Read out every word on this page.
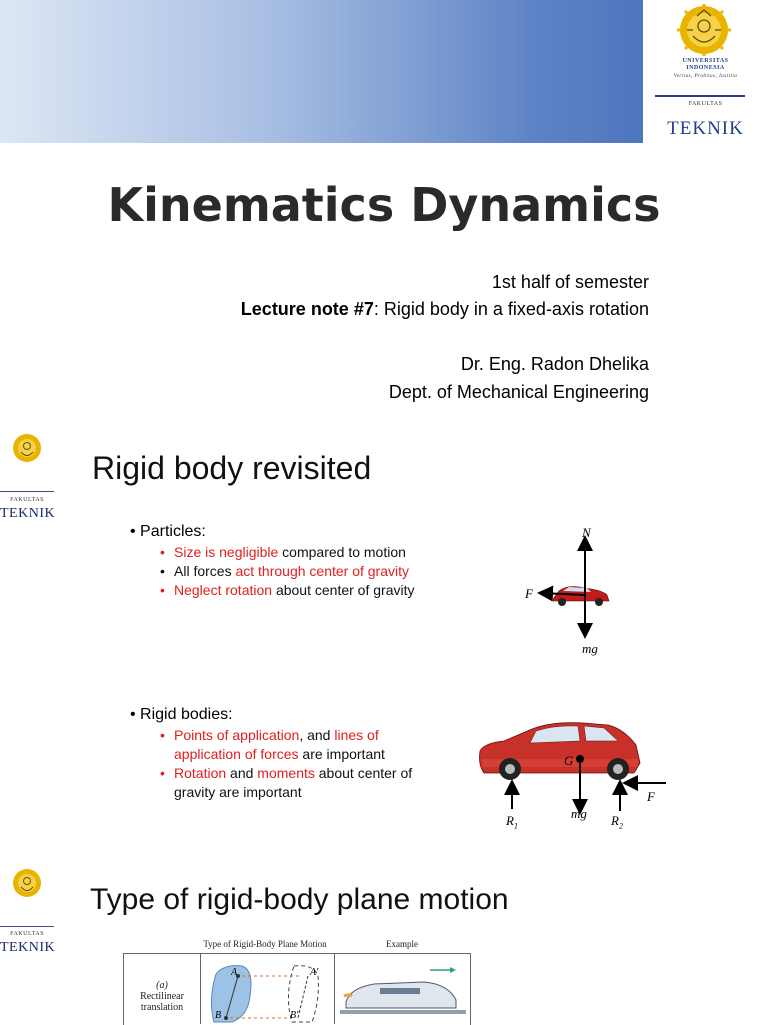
UNIVERSITAS
INDONESIA
Veritas, Probitas, Iustitia
FAKULTAS
TEKNIK
Kinematics Dynamics
1st half of semester
Lecture note #7: Rigid body in a fixed-axis rotation
Dr. Eng. Radon Dhelika
Dept. of Mechanical Engineering
FAKULTAS
TEKNIK
Rigid body revisited
• Particles:
• Size is negligible compared to motion
• All forces act through center of gravity
• Neglect rotation about center of gravity
N
F
mg
• Rigid bodies:
• Points of application, and lines of
application of forces are important
• Rotation and moments about center of
gravity are important
G
mg
F
$R_1$	$R_2$
FAKULTAS
TEKNIK
Type of rigid-body plane motion
Type of Rigid-Body Plane Motion	Example
(a)
Rectilinear
translation
A	A′
B	B′
